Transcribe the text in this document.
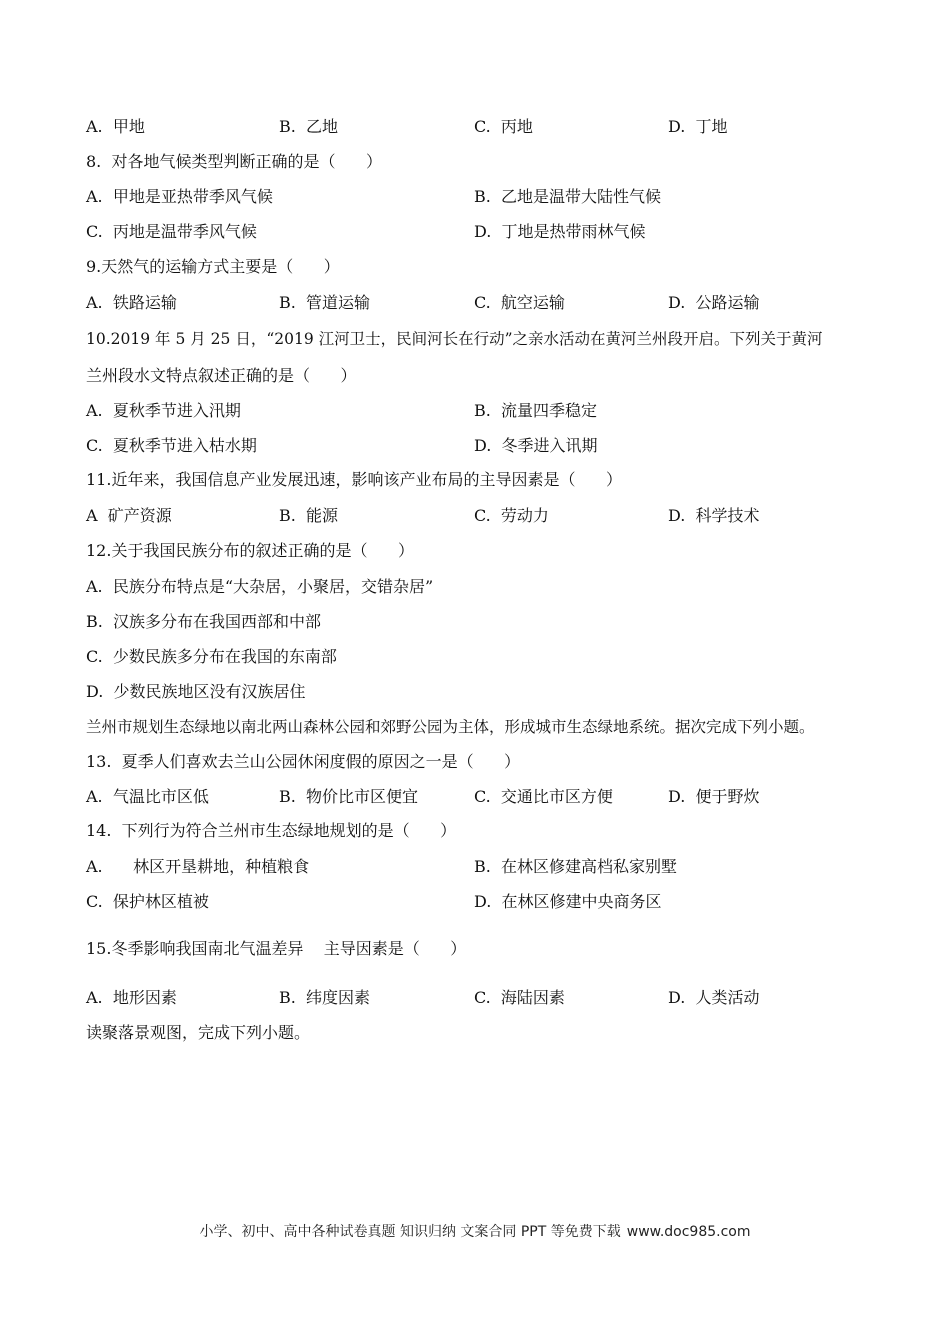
A.  甲地	B.  乙地	C.  丙地	D.  丁地
8.  对各地气候类型判断正确的是（      ）
A.  甲地是亚热带季风气候	B.  乙地是温带大陆性气候
C.  丙地是温带季风气候	D.  丁地是热带雨林气候
9.天然气的运输方式主要是（      ）
A.  铁路运输	B.  管道运输	C.  航空运输	D.  公路运输
10.2019 年 5 月 25 日，“2019 江河卫士，民间河长在行动”之亲水活动在黄河兰州段开启。下列关于黄河
兰州段水文特点叙述正确的是（      ）
A.  夏秋季节进入汛期	B.  流量四季稳定
C.  夏秋季节进入枯水期	D.  冬季进入讯期
11.近年来，我国信息产业发展迅速，影响该产业布局的主导因素是（      ）
A  矿产资源	B.  能源	C.  劳动力	D.  科学技术
12.关于我国民族分布的叙述正确的是（      ）
A.  民族分布特点是“大杂居，小聚居，交错杂居”
B.  汉族多分布在我国西部和中部
C.  少数民族多分布在我国的东南部
D.  少数民族地区没有汉族居住
兰州市规划生态绿地以南北两山森林公园和郊野公园为主体，形成城市生态绿地系统。据次完成下列小题。
13.  夏季人们喜欢去兰山公园休闲度假的原因之一是（      ）
A.  气温比市区低	B.  物价比市区便宜	C.  交通比市区方便	D.  便于野炊
14.  下列行为符合兰州市生态绿地规划的是（      ）
A.      林区开垦耕地，种植粮食	B.  在林区修建高档私家别墅
C.  保护林区植被	D.  在林区修建中央商务区
15.冬季影响我国南北气温差异    主导因素是（      ）
A.  地形因素	B.  纬度因素	C.  海陆因素	D.  人类活动
读聚落景观图，完成下列小题。
小学、初中、高中各种试卷真题 知识归纳 文案合同 PPT 等免费下载 www.doc985.com
